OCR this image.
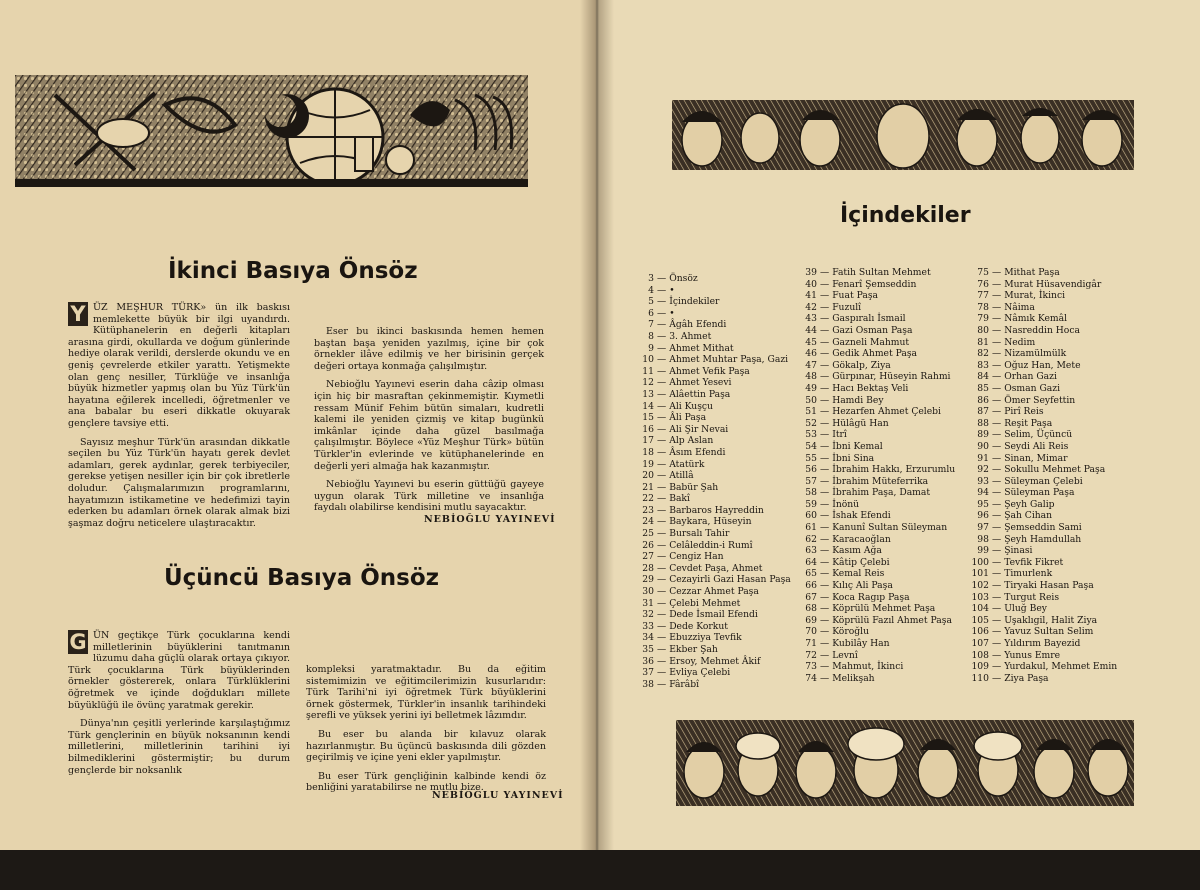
İkinci Basıya Önsöz

Y ÜZ MEŞHUR TÜRK» ün ilk baskısı memlekette büyük bir ilgi uyandırdı. Kütüphanelerin en değerli kitapları arasına girdi, okullarda ve doğum günlerinde hediye olarak verildi, derslerde okundu ve en geniş çevrelerde etkiler yarattı. Yetişmekte olan genç nesiller, Türklüğe ve insanlığa büyük hizmetler yapmış olan bu Yüz Türk'ün hayatına eğilerek incelledi, öğretmenler ve ana babalar bu eseri dikkatle okuyarak gençlere tavsiye etti.

Sayısız meşhur Türk'ün arasından dikkatle seçilen bu Yüz Türk'ün hayatı gerek devlet adamları, gerek aydınlar, gerek terbiyeciler, gerekse yetişen nesiller için bir çok ibretlerle doludur. Çalışmalarımızın programlarını, hayatımızın istikametine ve hedefimizi tayin ederken bu adamları örnek olarak almak bizi şaşmaz doğru neticelere ulaştıracaktır.

Eser bu ikinci baskısında hemen hemen baştan başa yeniden yazılmış, içine bir çok örnekler ilâve edilmiş ve her birisinin gerçek değeri ortaya konmağa çalışılmıştır.

Nebioğlu Yayınevi eserin daha câzip olması için hiç bir masraftan çekinmemiştir. Kıymetli ressam Münif Fehim bütün simaları, kudretli kalemi ile yeniden çizmiş ve kitap bugünkü imkânlar içinde daha güzel basılmağa çalışılmıştır. Böylece «Yüz Meşhur Türk» bütün Türkler'in evlerinde ve kütüphanelerinde en değerli yeri almağa hak kazanmıştır.

Nebioğlu Yayınevi bu eserin güttüğü gayeye uygun olarak Türk milletine ve insanlığa faydalı olabilirse kendisini mutlu sayacaktır.

NEBİOĞLU YAYINEVİ

Üçüncü Basıya Önsöz

G ÜN geçtikçe Türk çocuklarına kendi milletlerinin büyüklerini tanıtmanın lüzumu daha güçlü olarak ortaya çıkıyor. Türk çocuklarına Türk büyüklerinden örnekler göstererek, onlara Türklüklerini öğretmek ve içinde doğdukları millete büyüklüğü ile övünç yaratmak gerekir.

Dünya'nın çeşitli yerlerinde karşılaştığımız Türk gençlerinin en büyük noksanının kendi milletlerini, milletlerinin tarihini iyi bilmediklerini göstermiştir; bu durum gençlerde bir noksanlık

kompleksi yaratmaktadır. Bu da eğitim sistemimizin ve eğitimcilerimizin kusurlarıdır: Türk Tarihi'ni iyi öğretmek Türk büyüklerini örnek göstermek, Türkler'in insanlık tarihindeki şerefli ve yüksek yerini iyi belletmek lâzımdır.

Bu eser bu alanda bir kılavuz olarak hazırlanmıştır. Bu üçüncü baskısında dili gözden geçirilmiş ve içine yeni ekler yapılmıştır.

Bu eser Türk gençliğinin kalbinde kendi öz benliğini yaratabilirse ne mutlu bize.

NEBİOĞLU YAYINEVİ

İçindekiler
3 — Önsöz
4 — •
5 — İçindekiler
6 — •
7 — Âgâh Efendi
8 — 3. Ahmet
9 — Ahmet Mithat
10 — Ahmet Muhtar Paşa, Gazi
11 — Ahmet Vefik Paşa
12 — Ahmet Yesevi
13 — Alâettin Paşa
14 — Ali Kuşçu
15 — Âli Paşa
16 — Ali Şir Nevai
17 — Alp Aslan
18 — Âsım Efendi
19 — Atatürk
20 — Atillâ
21 — Babür Şah
22 — Bakî
23 — Barbaros Hayreddin
24 — Baykara, Hüseyin
25 — Bursalı Tahir
26 — Celâleddin-i Rumî
27 — Cengiz Han
28 — Cevdet Paşa, Ahmet
29 — Cezayirli Gazi Hasan Paşa
30 — Cezzar Ahmet Paşa
31 — Çelebi Mehmet
32 — Dede İsmail Efendi
33 — Dede Korkut
34 — Ebuzziya Tevfik
35 — Ekber Şah
36 — Ersoy, Mehmet Âkif
37 — Evliya Çelebi
38 — Fârâbî
39 — Fatih Sultan Mehmet
40 — Fenarî Şemseddin
41 — Fuat Paşa
42 — Fuzulî
43 — Gaspıralı İsmail
44 — Gazi Osman Paşa
45 — Gazneli Mahmut
46 — Gedik Ahmet Paşa
47 — Gökalp, Ziya
48 — Gürpınar, Hüseyin Rahmi
49 — Hacı Bektaş Veli
50 — Hamdi Bey
51 — Hezarfen Ahmet Çelebi
52 — Hülâgü Han
53 — Itrî
54 — İbni Kemal
55 — İbni Sina
56 — İbrahim Hakkı, Erzurumlu
57 — İbrahim Müteferrika
58 — İbrahim Paşa, Damat
59 — İnönü
60 — İshak Efendi
61 — Kanunî Sultan Süleyman
62 — Karacaoğlan
63 — Kasım Ağa
64 — Kâtip Çelebi
65 — Kemal Reis
66 — Kılıç Ali Paşa
67 — Koca Ragıp Paşa
68 — Köprülü Mehmet Paşa
69 — Köprülü Fazıl Ahmet Paşa
70 — Köroğlu
71 — Kubilây Han
72 — Levnî
73 — Mahmut, İkinci
74 — Melikşah
75 — Mithat Paşa
76 — Murat Hüsavendigâr
77 — Murat, İkinci
78 — Nâima
79 — Nâmık Kemâl
80 — Nasreddin Hoca
81 — Nedim
82 — Nizamülmülk
83 — Oğuz Han, Mete
84 — Orhan Gazi
85 — Osman Gazi
86 — Ömer Seyfettin
87 — Pirî Reis
88 — Reşit Paşa
89 — Selim, Üçüncü
90 — Seydi Ali Reis
91 — Sinan, Mimar
92 — Sokullu Mehmet Paşa
93 — Süleyman Çelebi
94 — Süleyman Paşa
95 — Şeyh Galip
96 — Şah Cihan
97 — Şemseddin Sami
98 — Şeyh Hamdullah
99 — Şinasi
100 — Tevfik Fikret
101 — Timurlenk
102 — Tiryaki Hasan Paşa
103 — Turgut Reis
104 — Uluğ Bey
105 — Uşaklıgil, Halit Ziya
106 — Yavuz Sultan Selim
107 — Yıldırım Bayezid
108 — Yunus Emre
109 — Yurdakul, Mehmet Emin
110 — Ziya Paşa
